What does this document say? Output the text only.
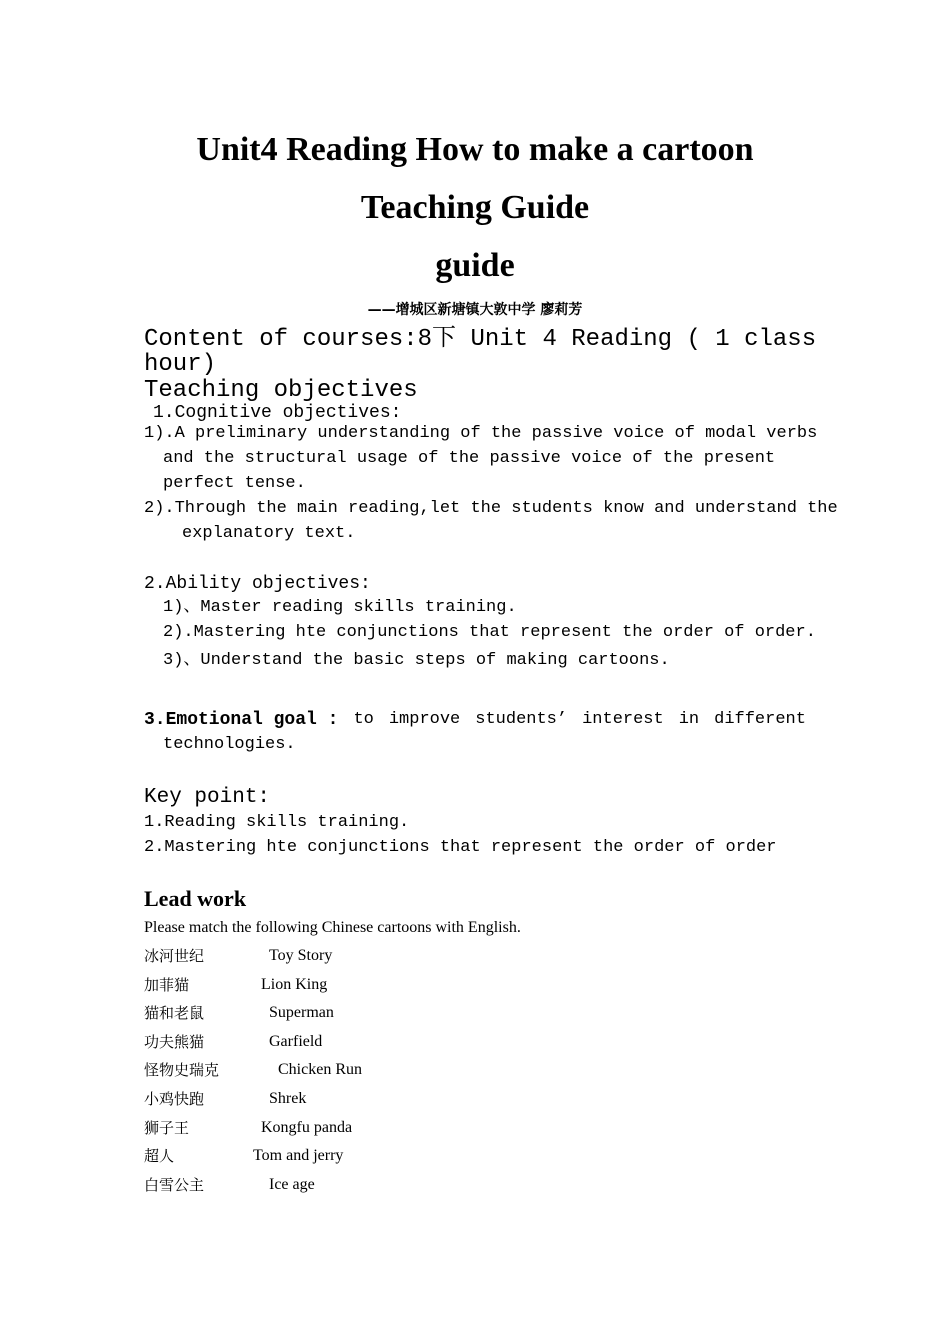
Unit4 Reading How to make a cartoon
Teaching Guide
guide
——增城区新塘镇大敦中学 廖莉芳
Content of courses:8下 Unit 4 Reading ( 1 class
hour)
Teaching objectives
1.Cognitive objectives:
1).A preliminary understanding of the passive voice of modal verbs
and the structural usage of the passive voice of the present
perfect tense.
2).Through the main reading,let the students know and understand the
explanatory text.
2.Ability objectives:
1)、Master reading skills training.
2).Mastering hte conjunctions that represent the order of order.
3)、Understand the basic steps of making cartoons.
3.Emotional goal : to improve students’ interest in different
technologies.
Key point:
1.Reading skills training.
2.Mastering hte conjunctions that represent the order of order
Lead work
Please match the following Chinese cartoons with English.
冰河世纪	Toy Story
加菲猫	Lion King
猫和老鼠	Superman
功夫熊猫	Garfield
怪物史瑞克	Chicken Run
小鸡快跑	Shrek
狮子王	Kongfu panda
超人	Tom and jerry
白雪公主	Ice age
